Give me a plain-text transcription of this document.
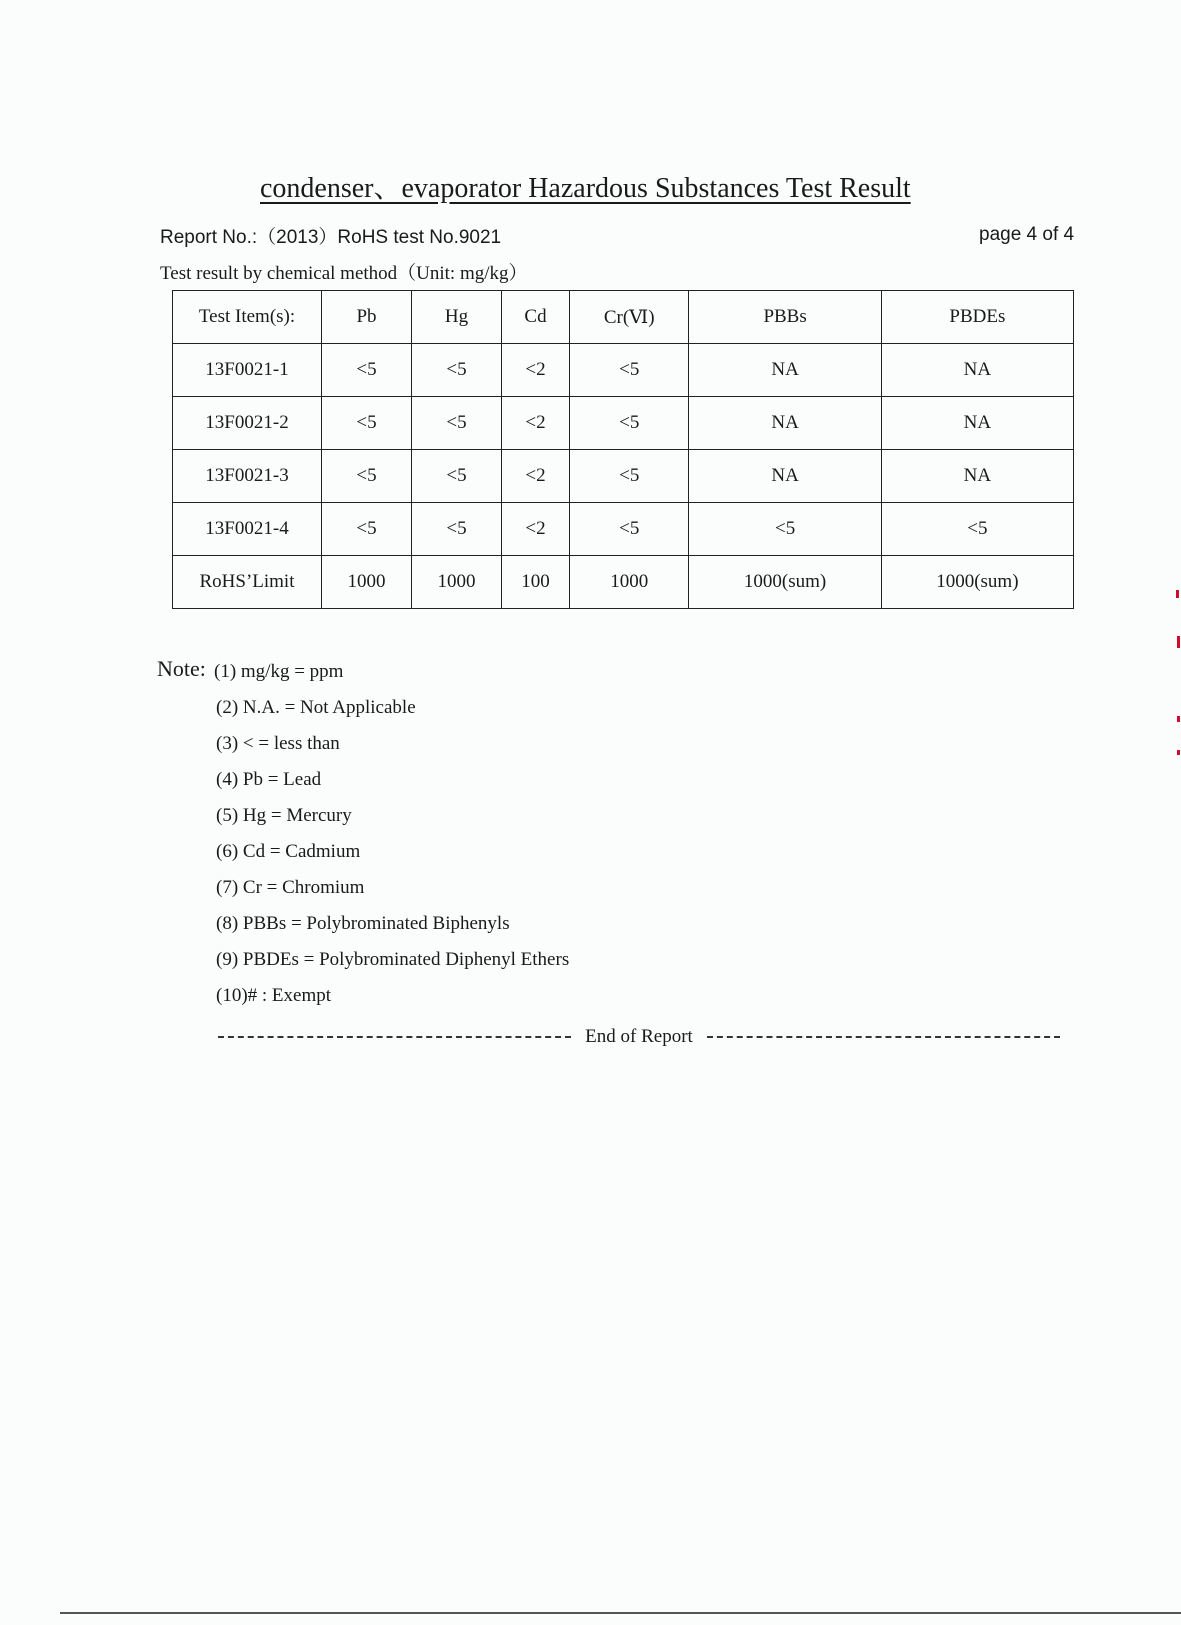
condenser、evaporator Hazardous Substances Test Result
Report No.:（2013）RoHS test No.9021	page 4 of 4
Test result by chemical method（Unit: mg/kg）
Test Item(s):	Pb	Hg	Cd	Cr(Ⅵ)	PBBs	PBDEs
13F0021-1	<5	<5	<2	<5	NA	NA
13F0021-2	<5	<5	<2	<5	NA	NA
13F0021-3	<5	<5	<2	<5	NA	NA
13F0021-4	<5	<5	<2	<5	<5	<5
RoHS’Limit	1000	1000	100	1000	1000(sum)	1000(sum)
Note: (1) mg/kg = ppm
(2) N.A. = Not Applicable
(3) < = less than
(4) Pb = Lead
(5) Hg = Mercury
(6) Cd = Cadmium
(7) Cr = Chromium
(8) PBBs = Polybrominated Biphenyls
(9) PBDEs = Polybrominated Diphenyl Ethers
(10)# : Exempt
End of Report
